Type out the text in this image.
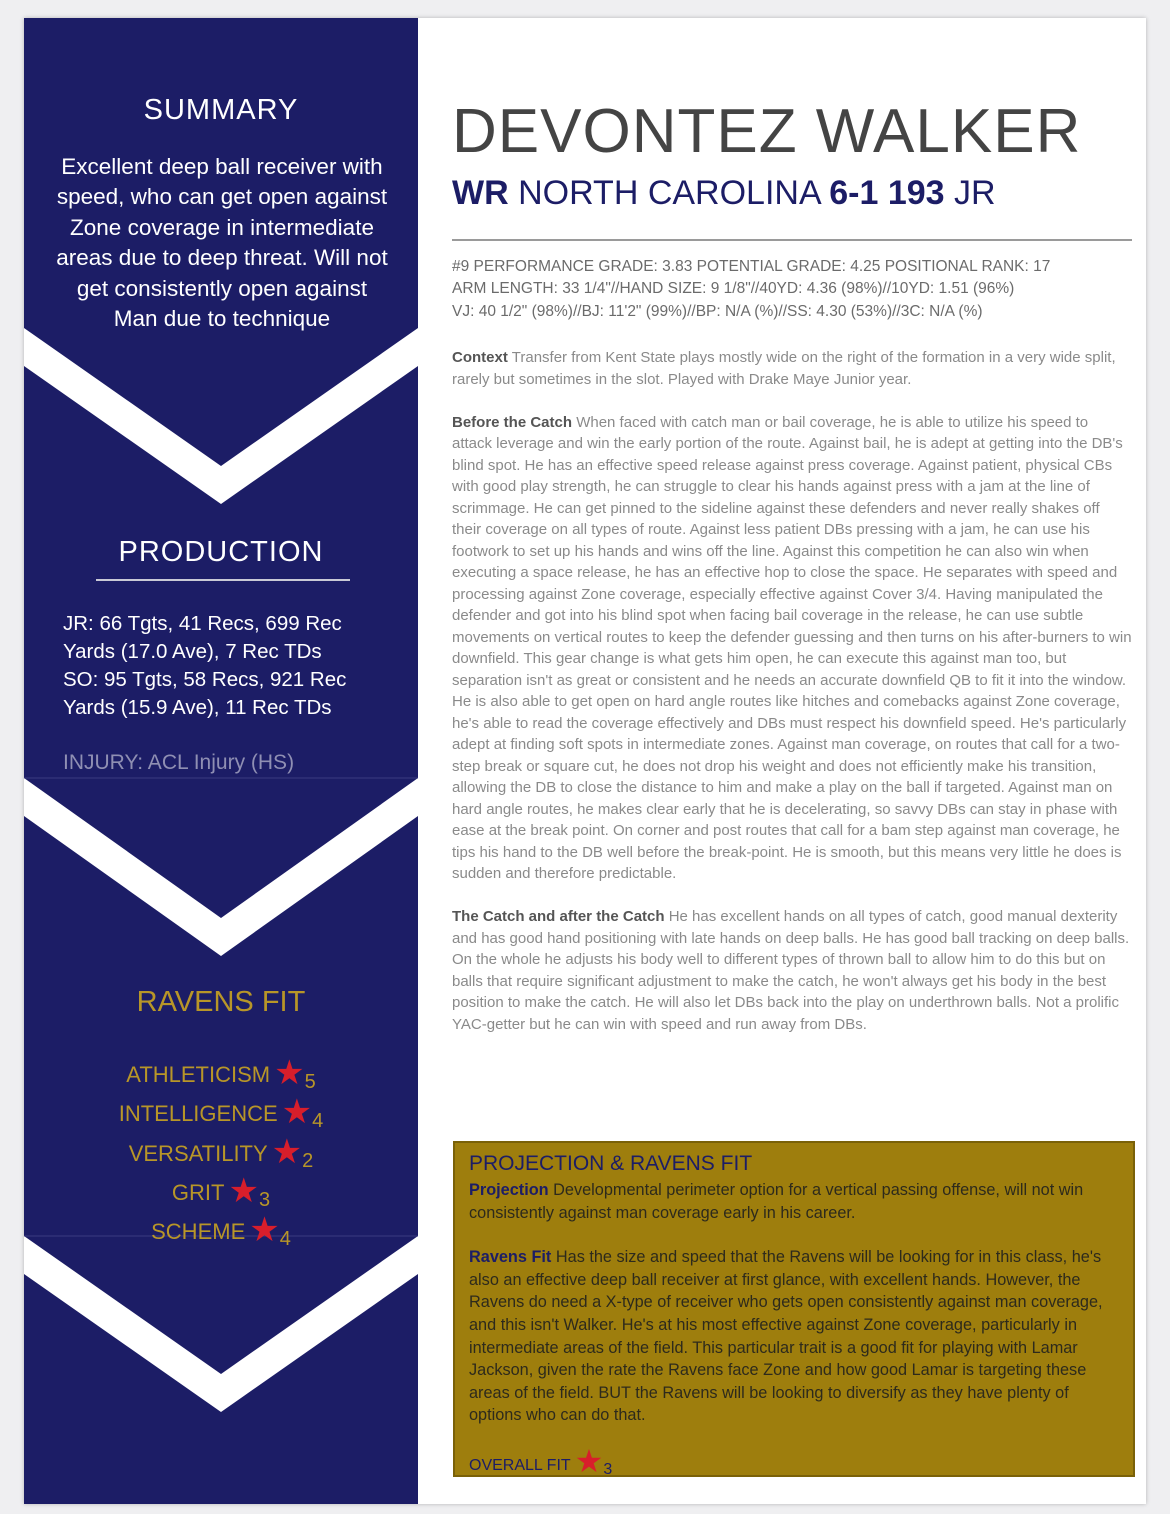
SUMMARY
Excellent deep ball receiver with speed, who can get open against Zone coverage in intermediate areas due to deep threat. Will not get consistently open against Man due to technique
PRODUCTION
JR: 66 Tgts, 41 Recs, 699 Rec
Yards (17.0 Ave), 7 Rec TDs
SO: 95 Tgts, 58 Recs, 921 Rec
Yards (15.9 Ave), 11 Rec TDs
INJURY: ACL Injury (HS)
RAVENS FIT
ATHLETICISM ★5
INTELLIGENCE ★4
VERSATILITY ★2
GRIT ★3
SCHEME ★4
DEVONTEZ WALKER
WR NORTH CAROLINA 6-1 193 JR
#9 PERFORMANCE GRADE: 3.83 POTENTIAL GRADE: 4.25 POSITIONAL RANK: 17
ARM LENGTH: 33 1/4"//HAND SIZE: 9 1/8"//40YD: 4.36 (98%)//10YD: 1.51 (96%)
VJ: 40 1/2" (98%)//BJ: 11'2" (99%)//BP: N/A (%)//SS: 4.30 (53%)//3C: N/A (%)

Context Transfer from Kent State plays mostly wide on the right of the formation in a very wide split, rarely but sometimes in the slot. Played with Drake Maye Junior year.

Before the Catch When faced with catch man or bail coverage, he is able to utilize his speed to attack leverage and win the early portion of the route. Against bail, he is adept at getting into the DB's blind spot. He has an effective speed release against press coverage. Against patient, physical CBs with good play strength, he can struggle to clear his hands against press with a jam at the line of scrimmage. He can get pinned to the sideline against these defenders and never really shakes off their coverage on all types of route. Against less patient DBs pressing with a jam, he can use his footwork to set up his hands and wins off the line. Against this competition he can also win when executing a space release, he has an effective hop to close the space. He separates with speed and processing against Zone coverage, especially effective against Cover 3/4. Having manipulated the defender and got into his blind spot when facing bail coverage in the release, he can use subtle movements on vertical routes to keep the defender guessing and then turns on his after-burners to win downfield. This gear change is what gets him open, he can execute this against man too, but separation isn't as great or consistent and he needs an accurate downfield QB to fit it into the window. He is also able to get open on hard angle routes like hitches and comebacks against Zone coverage, he's able to read the coverage effectively and DBs must respect his downfield speed. He's particularly adept at finding soft spots in intermediate zones. Against man coverage, on routes that call for a two-step break or square cut, he does not drop his weight and does not efficiently make his transition, allowing the DB to close the distance to him and make a play on the ball if targeted. Against man on hard angle routes, he makes clear early that he is decelerating, so savvy DBs can stay in phase with ease at the break point. On corner and post routes that call for a bam step against man coverage, he tips his hand to the DB well before the break-point. He is smooth, but this means very little he does is sudden and therefore predictable.

The Catch and after the Catch He has excellent hands on all types of catch, good manual dexterity and has good hand positioning with late hands on deep balls. He has good ball tracking on deep balls. On the whole he adjusts his body well to different types of thrown ball to allow him to do this but on balls that require significant adjustment to make the catch, he won't always get his body in the best position to make the catch. He will also let DBs back into the play on underthrown balls. Not a prolific YAC-getter but he can win with speed and run away from DBs.

PROJECTION & RAVENS FIT

Projection Developmental perimeter option for a vertical passing offense, will not win consistently against man coverage early in his career.

Ravens Fit Has the size and speed that the Ravens will be looking for in this class, he's also an effective deep ball receiver at first glance, with excellent hands. However, the Ravens do need a X-type of receiver who gets open consistently against man coverage, and this isn't Walker. He's at his most effective against Zone coverage, particularly in intermediate areas of the field. This particular trait is a good fit for playing with Lamar Jackson, given the rate the Ravens face Zone and how good Lamar is targeting these areas of the field. BUT the Ravens will be looking to diversify as they have plenty of options who can do that.

OVERALL FIT ★3
